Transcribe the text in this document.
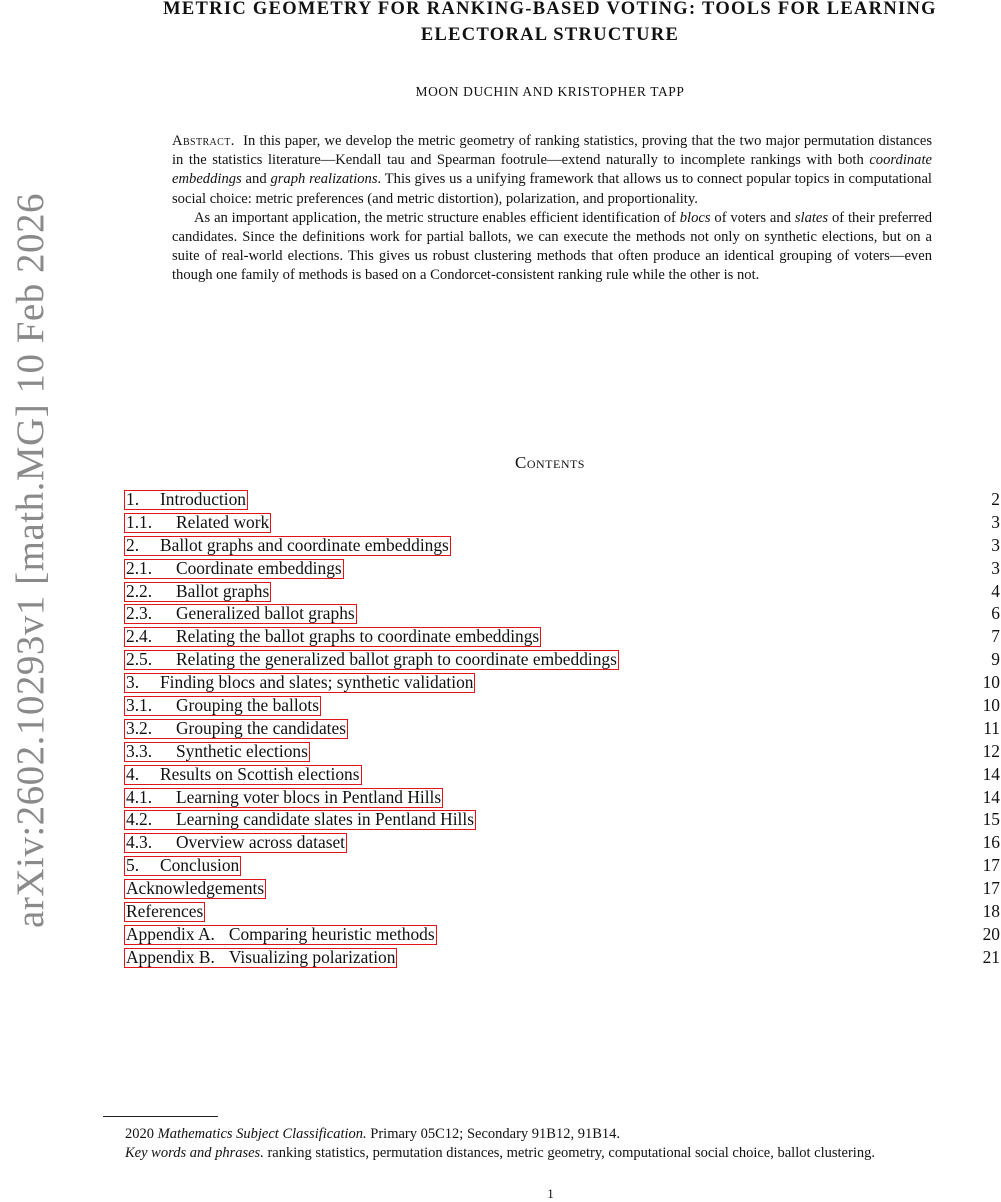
arXiv:2602.10293v1 [math.MG] 10 Feb 2026
METRIC GEOMETRY FOR RANKING-BASED VOTING: TOOLS FOR LEARNING
ELECTORAL STRUCTURE
MOON DUCHIN AND KRISTOPHER TAPP

Abstract. In this paper, we develop the metric geometry of ranking statistics, proving that the two major permutation distances in the statistics literature—Kendall tau and Spearman footrule—extend naturally to incomplete rankings with both coordinate embeddings and graph realizations. This gives us a unifying framework that allows us to connect popular topics in computational social choice: metric preferences (and metric distortion), polarization, and proportionality.

As an important application, the metric structure enables efficient identification of blocs of voters and slates of their preferred candidates. Since the definitions work for partial ballots, we can execute the methods not only on synthetic elections, but on a suite of real-world elections. This gives us robust clustering methods that often produce an identical grouping of voters—even though one family of methods is based on a Condorcet-consistent ranking rule while the other is not.

Contents
1. Introduction	2
1.1. Related work	3
2. Ballot graphs and coordinate embeddings	3
2.1. Coordinate embeddings	3
2.2. Ballot graphs	4
2.3. Generalized ballot graphs	6
2.4. Relating the ballot graphs to coordinate embeddings	7
2.5. Relating the generalized ballot graph to coordinate embeddings	9
3. Finding blocs and slates; synthetic validation	10
3.1. Grouping the ballots	10
3.2. Grouping the candidates	11
3.3. Synthetic elections	12
4. Results on Scottish elections	14
4.1. Learning voter blocs in Pentland Hills	14
4.2. Learning candidate slates in Pentland Hills	15
4.3. Overview across dataset	16
5. Conclusion	17
Acknowledgements	17
References	18
Appendix A. Comparing heuristic methods	20
Appendix B. Visualizing polarization	21

2020 Mathematics Subject Classification. Primary 05C12; Secondary 91B12, 91B14.

Key words and phrases. ranking statistics, permutation distances, metric geometry, computational social choice, ballot clustering.

1
